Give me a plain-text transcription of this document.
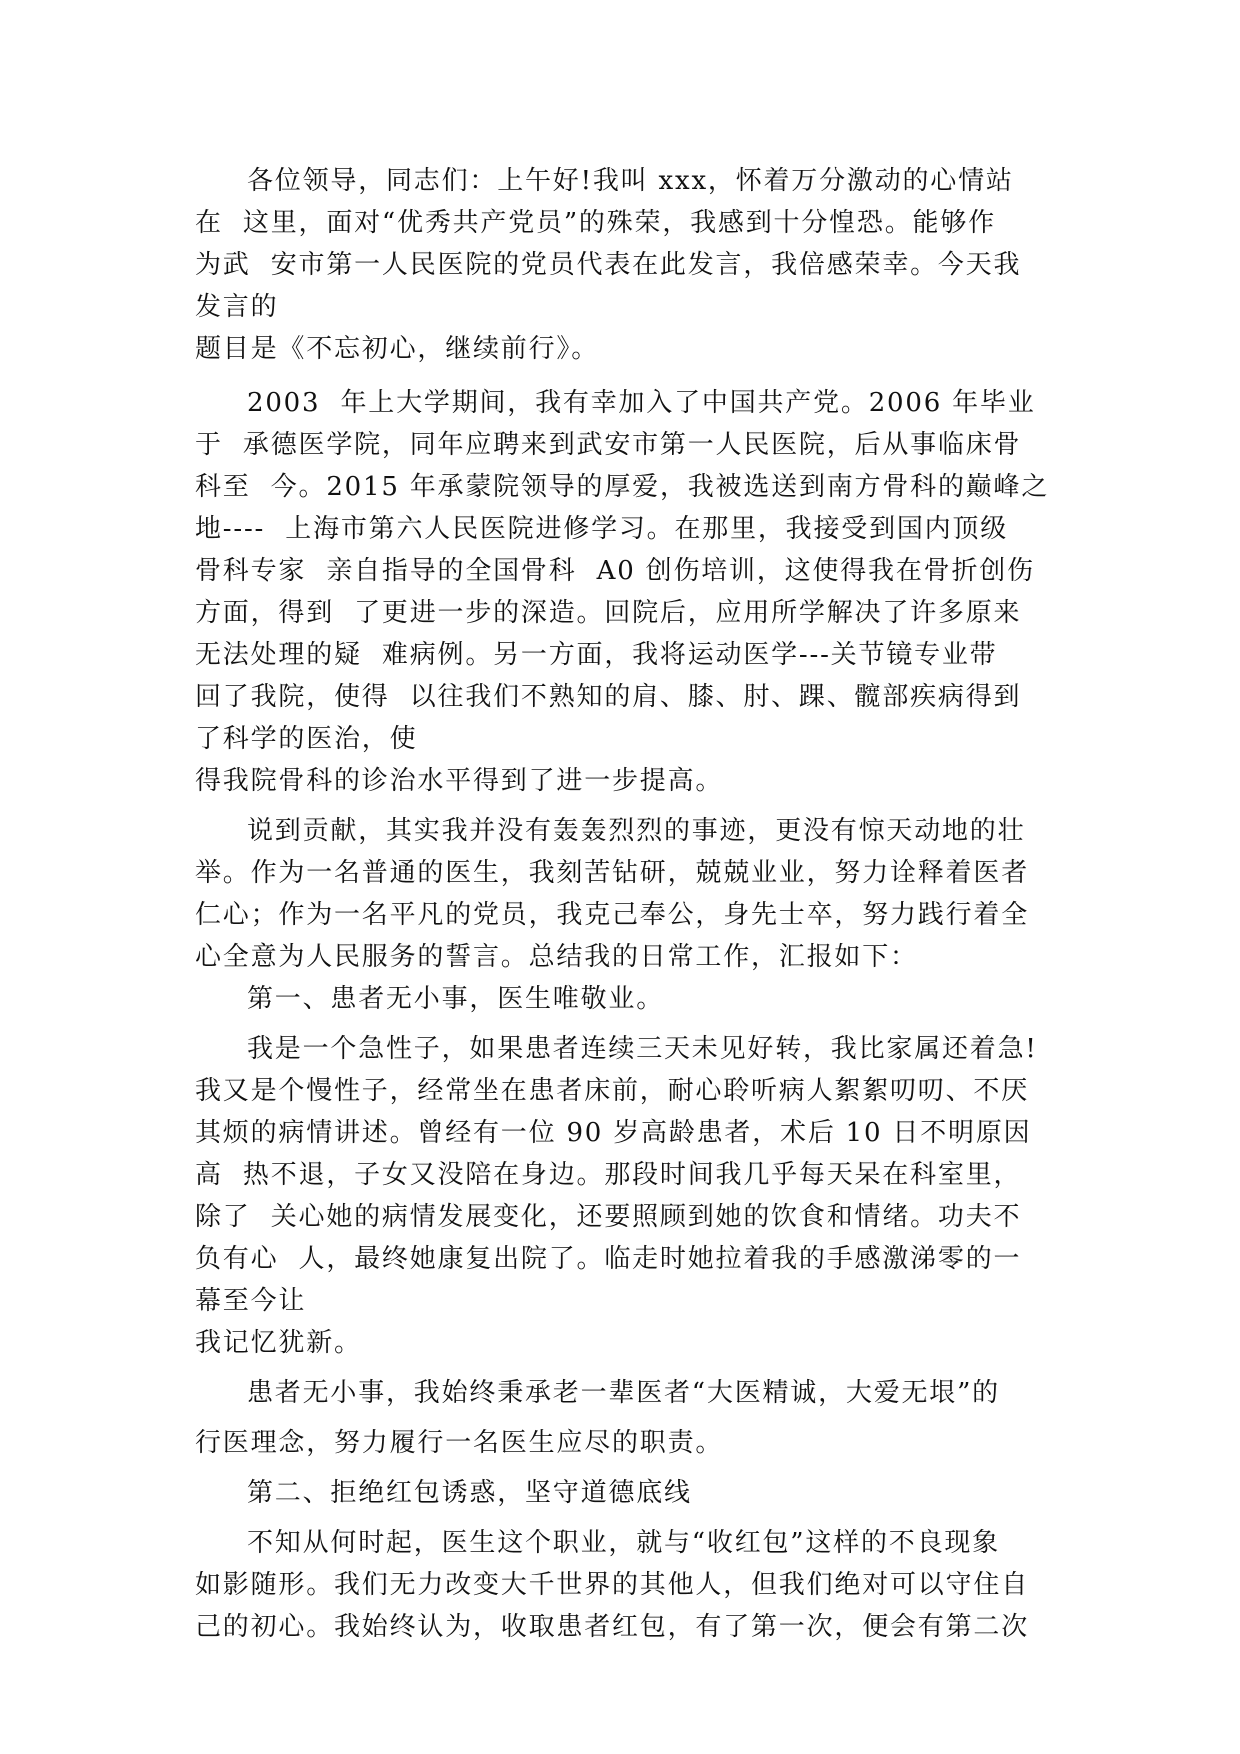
各位领导，同志们：上午好!我叫 xxx，怀着万分激动的心情站
在  这里，面对“优秀共产党员”的殊荣，我感到十分惶恐。能够作
为武  安市第一人民医院的党员代表在此发言，我倍感荣幸。今天我
发言的
题目是《不忘初心，继续前行》。
2003  年上大学期间，我有幸加入了中国共产党。2006 年毕业
于  承德医学院，同年应聘来到武安市第一人民医院，后从事临床骨
科至  今。2015 年承蒙院领导的厚爱，我被选送到南方骨科的巅峰之
地----  上海市第六人民医院进修学习。在那里，我接受到国内顶级
骨科专家  亲自指导的全国骨科  A0 创伤培训，这使得我在骨折创伤
方面，得到  了更进一步的深造。回院后，应用所学解决了许多原来
无法处理的疑  难病例。另一方面，我将运动医学---关节镜专业带
回了我院，使得  以往我们不熟知的肩、膝、肘、踝、髋部疾病得到
了科学的医治，使
得我院骨科的诊治水平得到了进一步提高。
说到贡献，其实我并没有轰轰烈烈的事迹，更没有惊天动地的壮
举。作为一名普通的医生，我刻苦钻研，兢兢业业，努力诠释着医者
仁心；作为一名平凡的党员，我克己奉公，身先士卒，努力践行着全
心全意为人民服务的誓言。总结我的日常工作，汇报如下：
第一、患者无小事，医生唯敬业。
我是一个急性子，如果患者连续三天未见好转，我比家属还着急!
我又是个慢性子，经常坐在患者床前，耐心聆听病人絮絮叨叨、不厌
其烦的病情讲述。曾经有一位 90 岁高龄患者，术后 10 日不明原因
高  热不退，子女又没陪在身边。那段时间我几乎每天呆在科室里，
除了  关心她的病情发展变化，还要照顾到她的饮食和情绪。功夫不
负有心  人，最终她康复出院了。临走时她拉着我的手感激涕零的一
幕至今让
我记忆犹新。
患者无小事，我始终秉承老一辈医者“大医精诚，大爱无垠”的
行医理念，努力履行一名医生应尽的职责。
第二、拒绝红包诱惑，坚守道德底线
不知从何时起，医生这个职业，就与“收红包”这样的不良现象
如影随形。我们无力改变大千世界的其他人，但我们绝对可以守住自
己的初心。我始终认为，收取患者红包，有了第一次，便会有第二次
